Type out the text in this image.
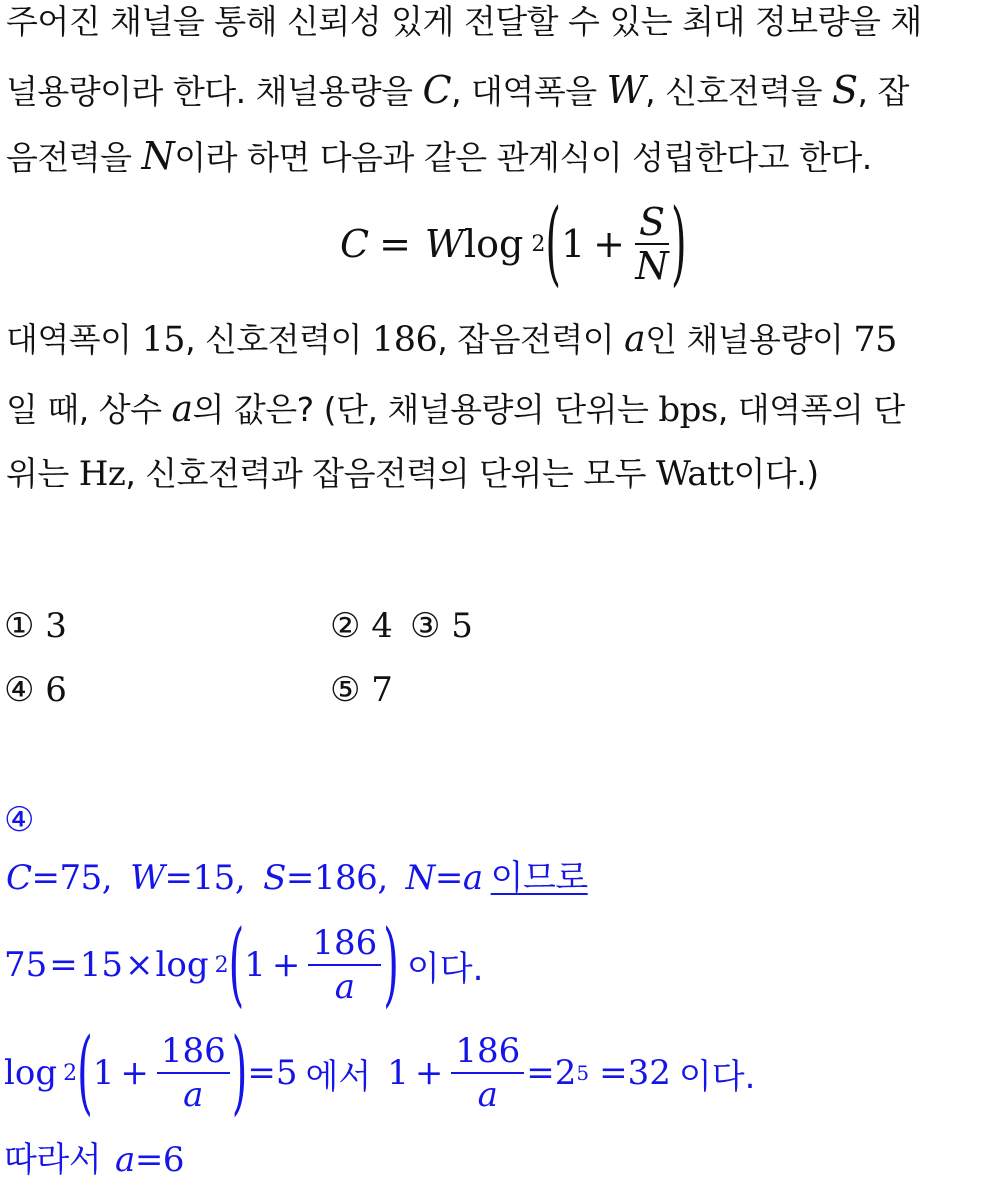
주어진 채널을 통해 신뢰성 있게 전달할 수 있는 최대 정보량을 채
널용량이라 한다. 채널용량을 C, 대역폭을 W, 신호전력을 S, 잡
음전력을 N이라 하면 다음과 같은 관계식이 성립한다고 한다.
C = W log 2 ( $1 + \frac{S}{N}$ )
대역폭이 15, 신호전력이 186, 잡음전력이 a인 채널용량이 75
일 때, 상수 a의 값은? (단, 채널용량의 단위는 bps, 대역폭의 단
위는 Hz, 신호전력과 잡음전력의 단위는 모두 Watt이다.)
① 3	② 4 ③ 5
④ 6	⑤ 7
④
C=75, W=15, S=186, N=a 이므로
75 = 15 × log 2 ( $1 + \frac{186}{a}$ ) 이다.
log 2 ( $1 + \frac{186}{a}$ ) = 5 에서 $1 + \frac{186}{a} = 2$ 5 = 32 이다.
따라서 a=6
